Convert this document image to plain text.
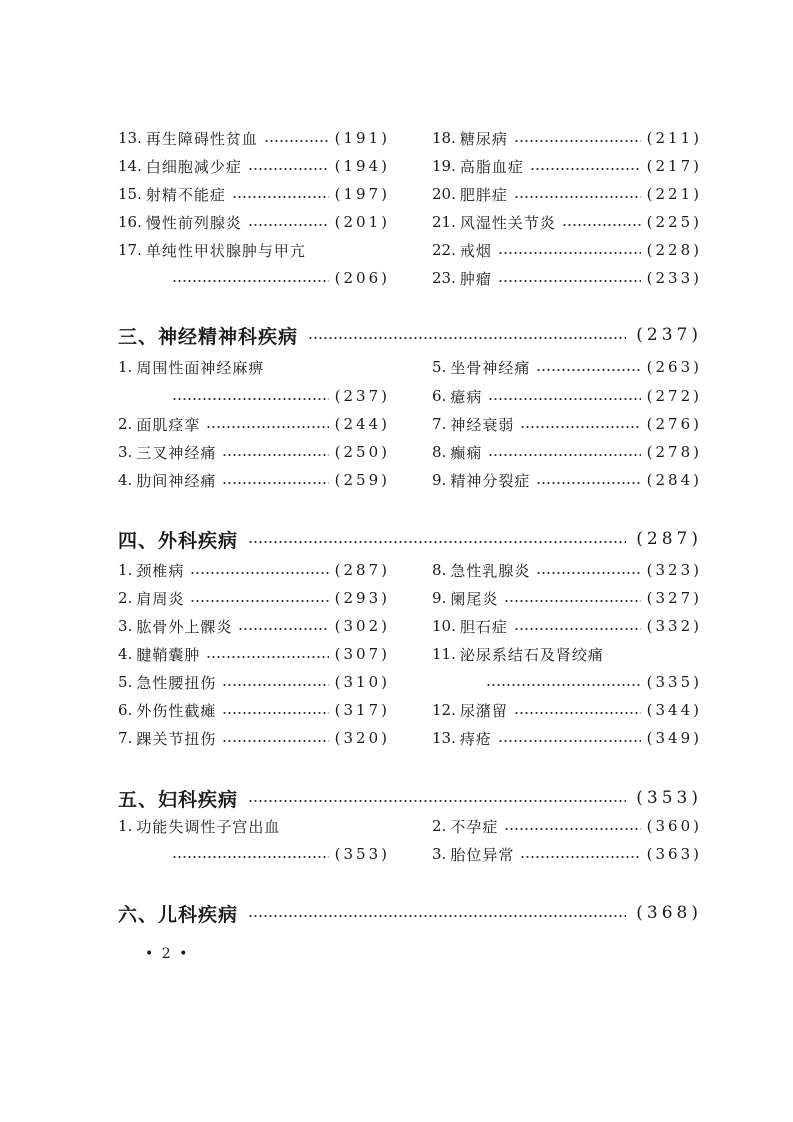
13. 再生障碍性贫血	(191)
14. 白细胞减少症	(194)
15. 射精不能症	(197)
16. 慢性前列腺炎	(201)
17. 单纯性甲状腺肿与甲亢
(206)
18. 糖尿病	(211)
19. 高脂血症	(217)
20. 肥胖症	(221)
21. 风湿性关节炎	(225)
22. 戒烟	(228)
23. 肿瘤	(233)
三、神经精神科疾病	(237)
1. 周围性面神经麻痹
(237)
2. 面肌痉挛	(244)
3. 三叉神经痛	(250)
4. 肋间神经痛	(259)
5. 坐骨神经痛	(263)
6. 癔病	(272)
7. 神经衰弱	(276)
8. 癫痫	(278)
9. 精神分裂症	(284)
四、外科疾病	(287)
1. 颈椎病	(287)
2. 肩周炎	(293)
3. 肱骨外上髁炎	(302)
4. 腱鞘囊肿	(307)
5. 急性腰扭伤	(310)
6. 外伤性截瘫	(317)
7. 踝关节扭伤	(320)
8. 急性乳腺炎	(323)
9. 阑尾炎	(327)
10. 胆石症	(332)
11. 泌尿系结石及肾绞痛
(335)
12. 尿潴留	(344)
13. 痔疮	(349)
五、妇科疾病	(353)
1. 功能失调性子宫出血
(353)
2. 不孕症	(360)
3. 胎位异常	(363)
六、儿科疾病	(368)
• 2 •
